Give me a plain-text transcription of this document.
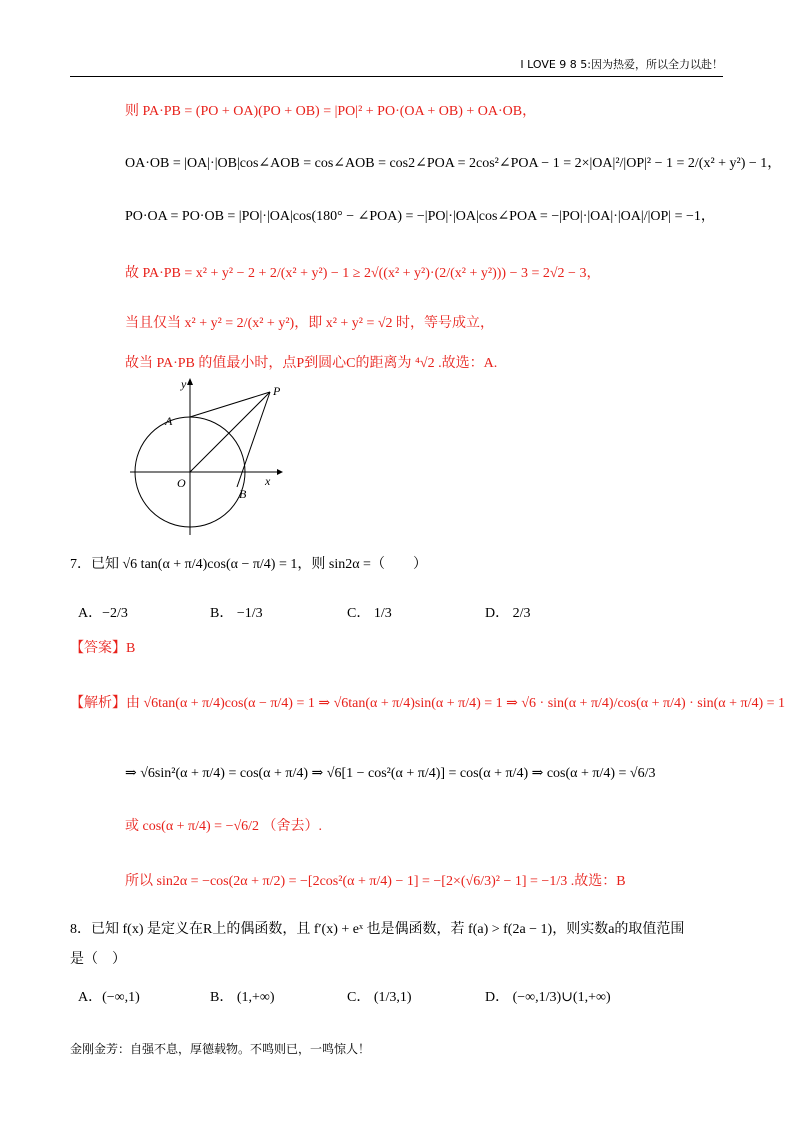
I LOVE 9 8 5:因为热爱，所以全力以赴！
则 PA·PB = (PO + OA)(PO + OB) = |PO|² + PO·(OA + OB) + OA·OB，
OA·OB = |OA|·|OB|cos∠AOB = cos∠AOB = cos2∠POA = 2cos²∠POA − 1 = 2×|OA|²/|OP|² − 1 = 2/(x² + y²) − 1，
PO·OA = PO·OB = |PO|·|OA|cos(180° − ∠POA) = −|PO|·|OA|cos∠POA = −|PO|·|OA|·|OA|/|OP| = −1，
故 PA·PB = x² + y² − 2 + 2/(x² + y²) − 1 ≥ 2√((x² + y²)·(2/(x² + y²))) − 3 = 2√2 − 3，
当且仅当 x² + y² = 2/(x² + y²)，即 x² + y² = √2 时，等号成立，
故当 PA·PB 的值最小时，点P到圆心C的距离为 ⁴√2 .故选：A.
y
x
P
A
O
B
7．已知 √6 tan(α + π/4)cos(α − π/4) = 1，则 sin2α =（　　）
A．−2/3	B． −1/3	C． 1/3	D． 2/3
【答案】B
【解析】由 √6tan(α + π/4)cos(α − π/4) = 1 ⇒ √6tan(α + π/4)sin(α + π/4) = 1 ⇒ √6 · sin(α + π/4)/cos(α + π/4) · sin(α + π/4) = 1
⇒ √6sin²(α + π/4) = cos(α + π/4) ⇒ √6[1 − cos²(α + π/4)] = cos(α + π/4) ⇒ cos(α + π/4) = √6/3
或 cos(α + π/4) = −√6/2 （舍去）.
所以 sin2α = −cos(2α + π/2) = −[2cos²(α + π/4) − 1] = −[2×(√6/3)² − 1] = −1/3 .故选：B
8．已知 f(x) 是定义在R上的偶函数，且 f′(x) + eˣ 也是偶函数，若 f(a) > f(2a − 1)，则实数a的取值范围
是（　）
A．(−∞,1)	B． (1,+∞)	C． (1/3,1)	D． (−∞,1/3)∪(1,+∞)
金刚金芳：自强不息，厚德载物。不鸣则已，一鸣惊人！
